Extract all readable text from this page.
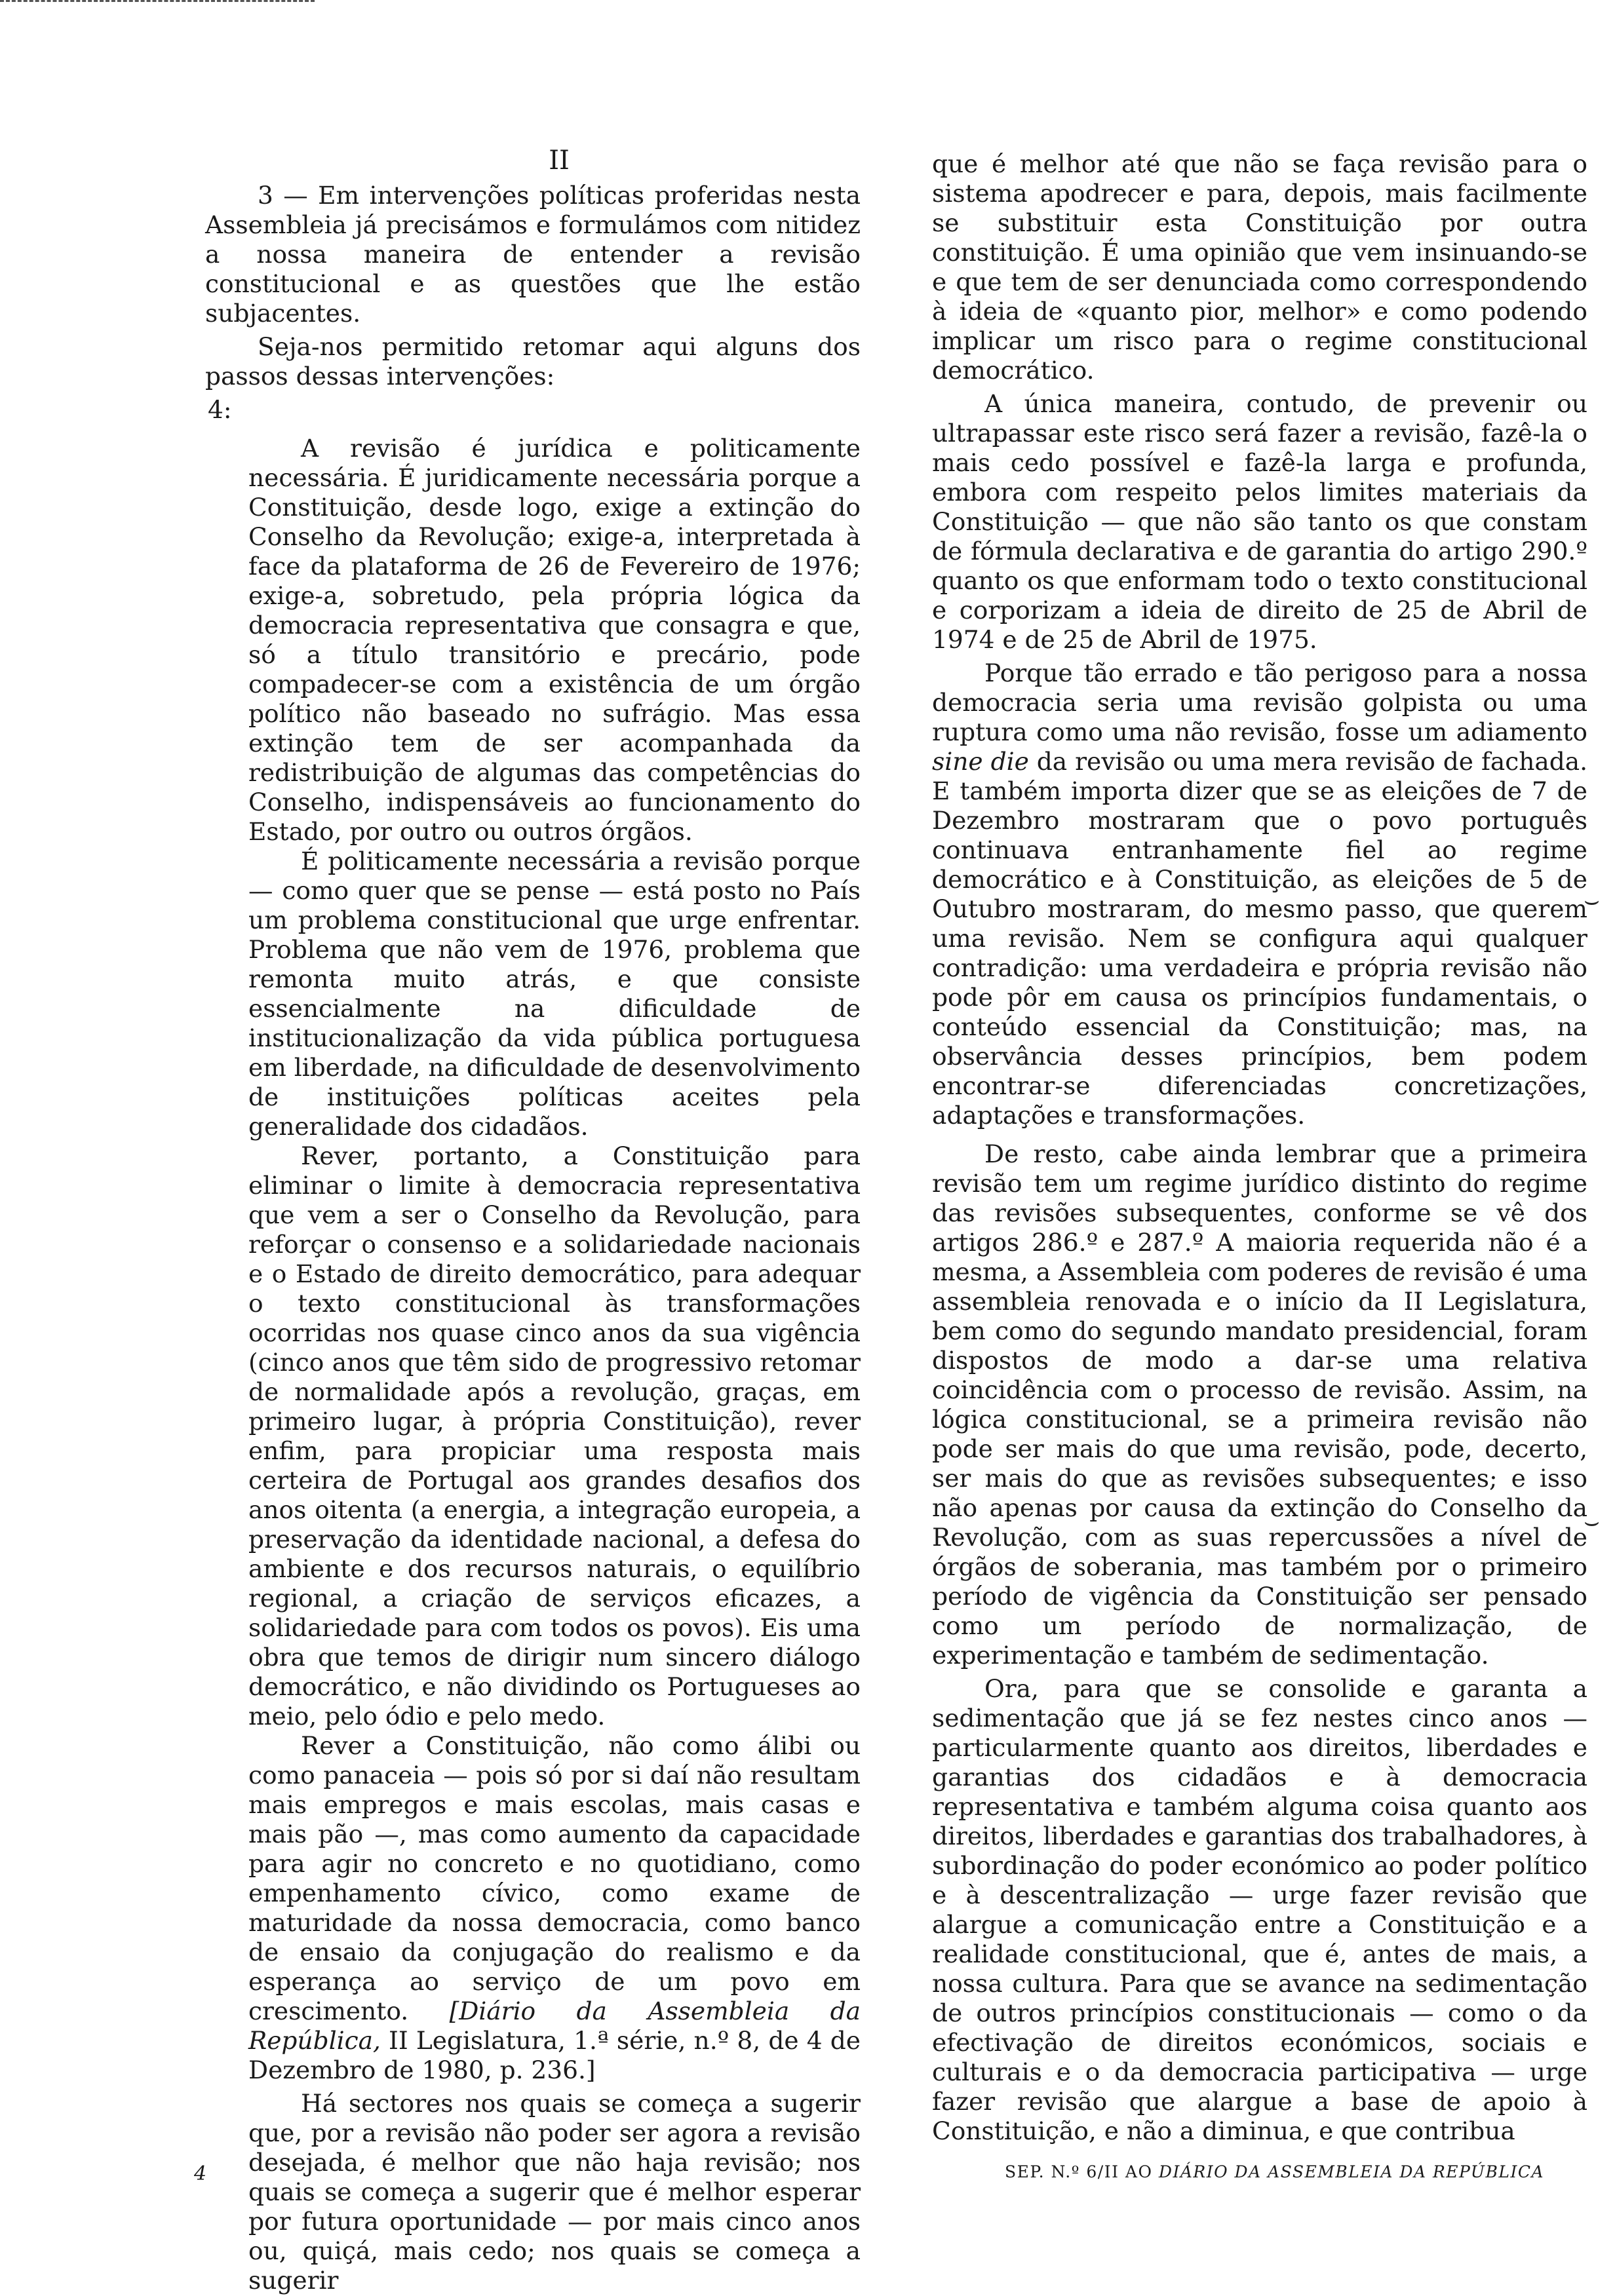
II

3 — Em intervenções políticas proferidas nesta Assembleia já precisámos e formulámos com nitidez a nossa maneira de entender a revisão constitucional e as questões que lhe estão subjacentes.

Seja-nos permitido retomar aqui alguns dos passos dessas intervenções:

4:

A revisão é jurídica e politicamente necessária. É juridicamente necessária porque a Constituição, desde logo, exige a extinção do Conselho da Revolução; exige-a, interpretada à face da plataforma de 26 de Fevereiro de 1976; exige-a, sobretudo, pela própria lógica da democracia representativa que consagra e que, só a título transitório e precário, pode compadecer-se com a existência de um órgão político não baseado no sufrágio. Mas essa extinção tem de ser acompanhada da redistribuição de algumas das competências do Conselho, indispensáveis ao funcionamento do Estado, por outro ou outros órgãos.

É politicamente necessária a revisão porque — como quer que se pense — está posto no País um problema constitucional que urge enfrentar. Problema que não vem de 1976, problema que remonta muito atrás, e que consiste essencialmente na dificuldade de institucionalização da vida pública portuguesa em liberdade, na dificuldade de desenvolvimento de instituições políticas aceites pela generalidade dos cidadãos.

Rever, portanto, a Constituição para eliminar o limite à democracia representativa que vem a ser o Conselho da Revolução, para reforçar o consenso e a solidariedade nacionais e o Estado de direito democrático, para adequar o texto constitucional às transformações ocorridas nos quase cinco anos da sua vigência (cinco anos que têm sido de progressivo retomar de normalidade após a revolução, graças, em primeiro lugar, à própria Constituição), rever enfim, para propiciar uma resposta mais certeira de Portugal aos grandes desafios dos anos oitenta (a energia, a integração europeia, a preservação da identidade nacional, a defesa do ambiente e dos recursos naturais, o equilíbrio regional, a criação de serviços eficazes, a solidariedade para com todos os povos). Eis uma obra que temos de dirigir num sincero diálogo democrático, e não dividindo os Portugueses ao meio, pelo ódio e pelo medo.

Rever a Constituição, não como álibi ou como panaceia — pois só por si daí não resultam mais empregos e mais escolas, mais casas e mais pão —, mas como aumento da capacidade para agir no concreto e no quotidiano, como empenhamento cívico, como exame de maturidade da nossa democracia, como banco de ensaio da conjugação do realismo e da esperança ao serviço de um povo em crescimento. [Diário da Assembleia da República, II Legislatura, 1.ª série, n.º 8, de 4 de Dezembro de 1980, p. 236.]

Há sectores nos quais se começa a sugerir que, por a revisão não poder ser agora a revisão desejada, é melhor que não haja revisão; nos quais se começa a sugerir que é melhor esperar por futura oportunidade — por mais cinco anos ou, quiçá, mais cedo; nos quais se começa a sugerir

que é melhor até que não se faça revisão para o sistema apodrecer e para, depois, mais facilmente se substituir esta Constituição por outra constituição. É uma opinião que vem insinuando-se e que tem de ser denunciada como correspondendo à ideia de «quanto pior, melhor» e como podendo implicar um risco para o regime constitucional democrático.

A única maneira, contudo, de prevenir ou ultrapassar este risco será fazer a revisão, fazê-la o mais cedo possível e fazê-la larga e profunda, embora com respeito pelos limites materiais da Constituição — que não são tanto os que constam de fórmula declarativa e de garantia do artigo 290.º quanto os que enformam todo o texto constitucional e corporizam a ideia de direito de 25 de Abril de 1974 e de 25 de Abril de 1975.

Porque tão errado e tão perigoso para a nossa democracia seria uma revisão golpista ou uma ruptura como uma não revisão, fosse um adiamento sine die da revisão ou uma mera revisão de fachada. E também importa dizer que se as eleições de 7 de Dezembro mostraram que o povo português continuava entranhamente fiel ao regime democrático e à Constituição, as eleições de 5 de Outubro mostraram, do mesmo passo, que querem uma revisão. Nem se configura aqui qualquer contradição: uma verdadeira e própria revisão não pode pôr em causa os princípios fundamentais, o conteúdo essencial da Constituição; mas, na observância desses princípios, bem podem encontrar-se diferenciadas concretizações, adaptações e transformações.

De resto, cabe ainda lembrar que a primeira revisão tem um regime jurídico distinto do regime das revisões subsequentes, conforme se vê dos artigos 286.º e 287.º A maioria requerida não é a mesma, a Assembleia com poderes de revisão é uma assembleia renovada e o início da II Legislatura, bem como do segundo mandato presidencial, foram dispostos de modo a dar-se uma relativa coincidência com o processo de revisão. Assim, na lógica constitucional, se a primeira revisão não pode ser mais do que uma revisão, pode, decerto, ser mais do que as revisões subsequentes; e isso não apenas por causa da extinção do Conselho da Revolução, com as suas repercussões a nível de órgãos de soberania, mas também por o primeiro período de vigência da Constituição ser pensado como um período de normalização, de experimentação e também de sedimentação.

Ora, para que se consolide e garanta a sedimentação que já se fez nestes cinco anos — particularmente quanto aos direitos, liberdades e garantias dos cidadãos e à democracia representativa e também alguma coisa quanto aos direitos, liberdades e garantias dos trabalhadores, à subordinação do poder económico ao poder político e à descentralização — urge fazer revisão que alargue a comunicação entre a Constituição e a realidade constitucional, que é, antes de mais, a nossa cultura. Para que se avance na sedimentação de outros princípios constitucionais — como o da efectivação de direitos económicos, sociais e culturais e o da democracia participativa — urge fazer revisão que alargue a base de apoio à Constituição, e não a diminua, e que contribua

⌣
⌣
4	SEP. N.º 6/II AO DIÁRIO DA ASSEMBLEIA DA REPÚBLICA
